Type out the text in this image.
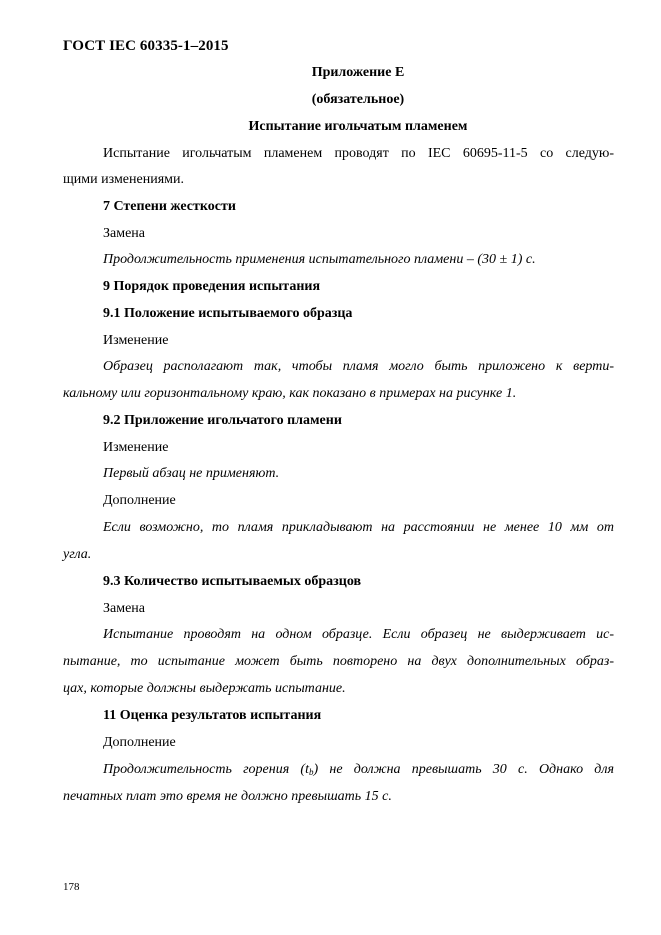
ГОСТ IEC 60335-1–2015
Приложение Е
(обязательное)
Испытание игольчатым пламенем
Испытание игольчатым пламенем проводят по IEC 60695-11-5 со следую-
щими изменениями.
7 Степени жесткости
Замена
Продолжительность применения испытательного пламени – (30 ± 1) с.
9 Порядок проведения испытания
9.1 Положение испытываемого образца
Изменение
Образец располагают так, чтобы пламя могло быть приложено к верти-
кальному или горизонтальному краю, как показано в примерах на рисунке 1.
9.2 Приложение игольчатого пламени
Изменение
Первый абзац не применяют.
Дополнение
Если возможно, то пламя прикладывают на расстоянии не менее 10 мм от
угла.
9.3 Количество испытываемых образцов
Замена
Испытание проводят на одном образце. Если образец не выдерживает ис-
пытание, то испытание может быть повторено на двух дополнительных образ-
цах, которые должны выдержать испытание.
11 Оценка результатов испытания
Дополнение
Продолжительность горения $(t_b)$ не должна превышать 30 с. Однако для
печатных плат это время не должно превышать 15 с.
178
